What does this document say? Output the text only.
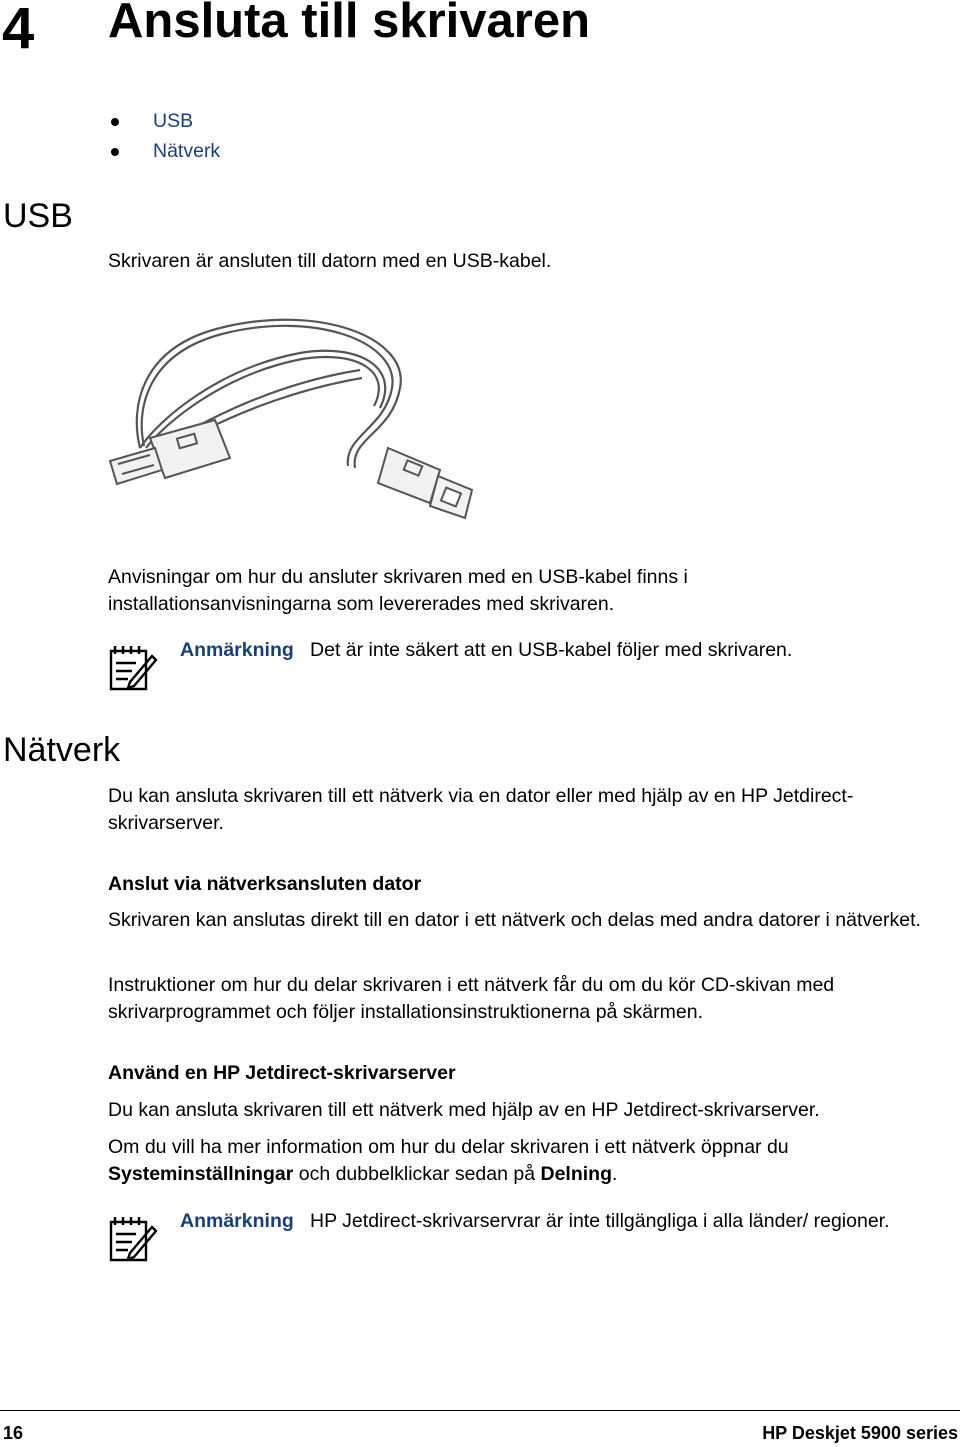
4 Ansluta till skrivaren
USB
Nätverk
USB
Skrivaren är ansluten till datorn med en USB-kabel.
Anvisningar om hur du ansluter skrivaren med en USB-kabel finns i installationsanvisningarna som levererades med skrivaren.
Anmärkning Det är inte säkert att en USB-kabel följer med skrivaren.
Nätverk
Du kan ansluta skrivaren till ett nätverk via en dator eller med hjälp av en HP Jetdirect-skrivarserver.
Anslut via nätverksansluten dator
Skrivaren kan anslutas direkt till en dator i ett nätverk och delas med andra datorer i nätverket.
Instruktioner om hur du delar skrivaren i ett nätverk får du om du kör CD-skivan med skrivarprogrammet och följer installationsinstruktionerna på skärmen.
Använd en HP Jetdirect-skrivarserver
Du kan ansluta skrivaren till ett nätverk med hjälp av en HP Jetdirect-skrivarserver.
Om du vill ha mer information om hur du delar skrivaren i ett nätverk öppnar du Systeminställningar och dubbelklickar sedan på Delning.
Anmärkning HP Jetdirect-skrivarservrar är inte tillgängliga i alla länder/ regioner.
16	HP Deskjet 5900 series
